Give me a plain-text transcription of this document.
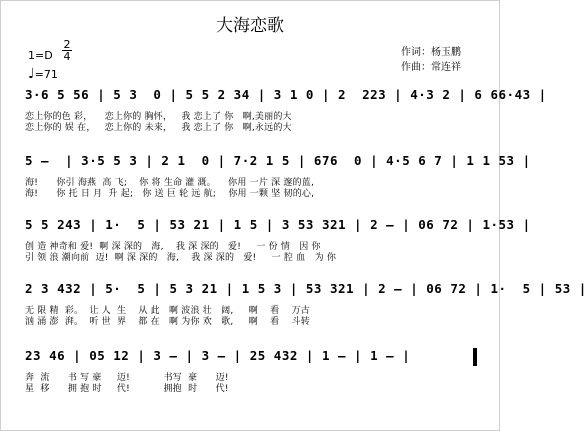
大海恋歌
1=D
2
4
♩=71
作词：杨玉鹏
作曲：常连祥
3·6 5 56 | 5 3  0 | 5 5 2 34 | 3 1 0 | 2  223 | 4·3 2 | 6 66·43 |
恋上你的色 彩，    恋上你的 胸怀，   我 恋上了 你   啊,美丽的大
恋上你的 娱 在，   恋上你的 未来，   我 恋上了 你   啊,永远的大
5 –  | 3·5 5 3 | 2 1  0 | 7·2 1 5 | 676  0 | 4·5 6 7 | 1 1 53 |
海!      你引 海燕  高 飞;    你 将 生命 灌 溉。    你用 一片 深 邃的蓝,
海!      你 托 日 月  升 起;   你 送 巨 轮 远 航;    你用 一颗 坚 韧的心,
5 5 243 | 1·  5 | 53 21 | 1 5 | 3 53 321 | 2 – | 06 72 | 1·53 |
创 造 神奇和 爱!  啊 深 深的   海,    我 深 深的   爱!     一 份 情   因 你
引 领 浪 潮向前  迈!  啊 深 深的   海,    我 深 深的   爱!     一 腔 血   为 你
2 3 432 | 5·  5 | 5 3 21 | 1 5 3 | 53 321 | 2 – | 06 72 | 1·  5 | 53 |
无 限 精  彩。  让 人  生    从 此   啊 波浪 壮   阔,     啊    看    万古
汹 涌 澎  湃。  听 世  界    都 在   啊 为你 欢   歌,     啊    看    斗转
23 46 | 05 12 | 3 – | 3 – | 25 432 | 1 – | 1 – |
奔  流      书 写 豪     迈!           书写  豪      迈!
星  移      拥 抱 时     代!           拥抱  时      代!
